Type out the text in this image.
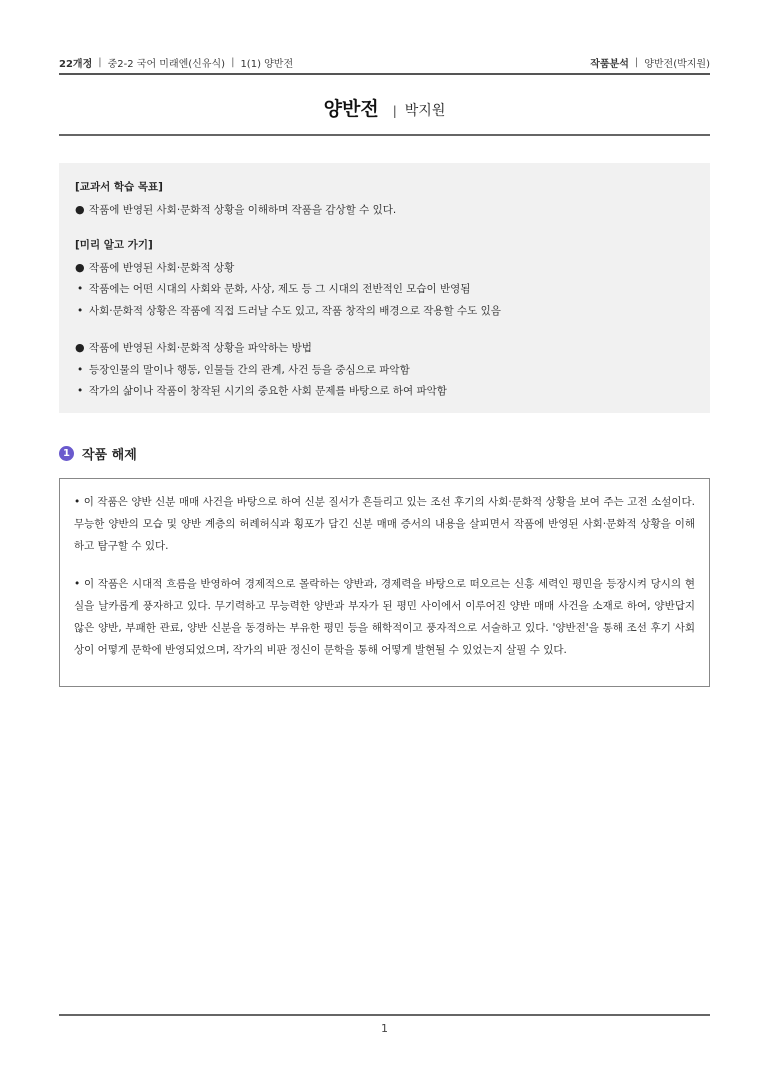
22개정 | 중2-2 국어 미래엔(신유식) | 1(1) 양반전	작품분석 | 양반전(박지원)
양반전 | 박지원
[교과서 학습 목표]
● 작품에 반영된 사회·문화적 상황을 이해하며 작품을 감상할 수 있다.
[미리 알고 가기]
● 작품에 반영된 사회·문화적 상황
• 작품에는 어떤 시대의 사회와 문화, 사상, 제도 등 그 시대의 전반적인 모습이 반영됨
• 사회·문화적 상황은 작품에 직접 드러날 수도 있고, 작품 창작의 배경으로 작용할 수도 있음
● 작품에 반영된 사회·문화적 상황을 파악하는 방법
• 등장인물의 말이나 행동, 인물들 간의 관계, 사건 등을 중심으로 파악함
• 작가의 삶이나 작품이 창작된 시기의 중요한 사회 문제를 바탕으로 하여 파악함
1 작품 해제

• 이 작품은 양반 신분 매매 사건을 바탕으로 하여 신분 질서가 흔들리고 있는 조선 후기의 사회·문화적 상황을 보여 주는 고전 소설이다. 무능한 양반의 모습 및 양반 계층의 허례허식과 횡포가 담긴 신분 매매 증서의 내용을 살피면서 작품에 반영된 사회·문화적 상황을 이해하고 탐구할 수 있다.

• 이 작품은 시대적 흐름을 반영하여 경제적으로 몰락하는 양반과, 경제력을 바탕으로 떠오르는 신흥 세력인 평민을 등장시켜 당시의 현실을 날카롭게 풍자하고 있다. 무기력하고 무능력한 양반과 부자가 된 평민 사이에서 이루어진 양반 매매 사건을 소재로 하여, 양반답지 않은 양반, 부패한 관료, 양반 신분을 동경하는 부유한 평민 등을 해학적이고 풍자적으로 서술하고 있다. '양반전'을 통해 조선 후기 사회상이 어떻게 문학에 반영되었으며, 작가의 비판 정신이 문학을 통해 어떻게 발현될 수 있었는지 살필 수 있다.

1
